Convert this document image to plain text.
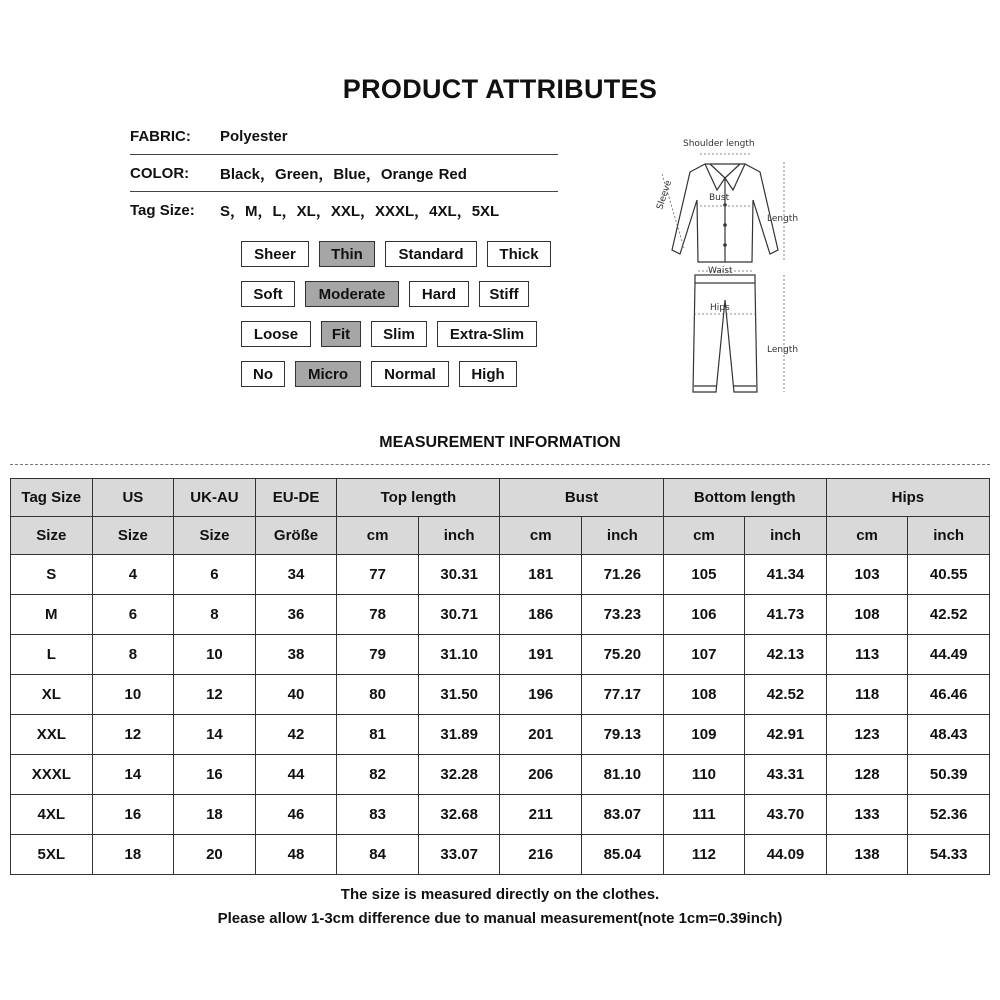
PRODUCT ATTRIBUTES
FABRIC:	Polyester
COLOR:	Black，Green，Blue，Orange Red
Tag Size:	S，M，L，XL，XXL，XXXL，4XL，5XL
Sheer	Thin	Standard	Thick
Soft	Moderate	Hard	Stiff
Loose	Fit	Slim	Extra-Slim
No	Micro	Normal	High
Shoulder length
Sleeve	Bust
Length
Waist
Hips
Length
MEASUREMENT INFORMATION
Tag Size	US	UK-AU	EU-DE	Top length		Bust		Bottom length		Hips	
Size	Size	Size	Größe	cm	inch	cm	inch	cm	inch	cm	inch
S	4	6	34	77	30.31	181	71.26	105	41.34	103	40.55
M	6	8	36	78	30.71	186	73.23	106	41.73	108	42.52
L	8	10	38	79	31.10	191	75.20	107	42.13	113	44.49
XL	10	12	40	80	31.50	196	77.17	108	42.52	118	46.46
XXL	12	14	42	81	31.89	201	79.13	109	42.91	123	48.43
XXXL	14	16	44	82	32.28	206	81.10	110	43.31	128	50.39
4XL	16	18	46	83	32.68	211	83.07	111	43.70	133	52.36
5XL	18	20	48	84	33.07	216	85.04	112	44.09	138	54.33
The size is measured directly on the clothes.
Please allow 1-3cm difference due to manual measurement(note 1cm=0.39inch)
